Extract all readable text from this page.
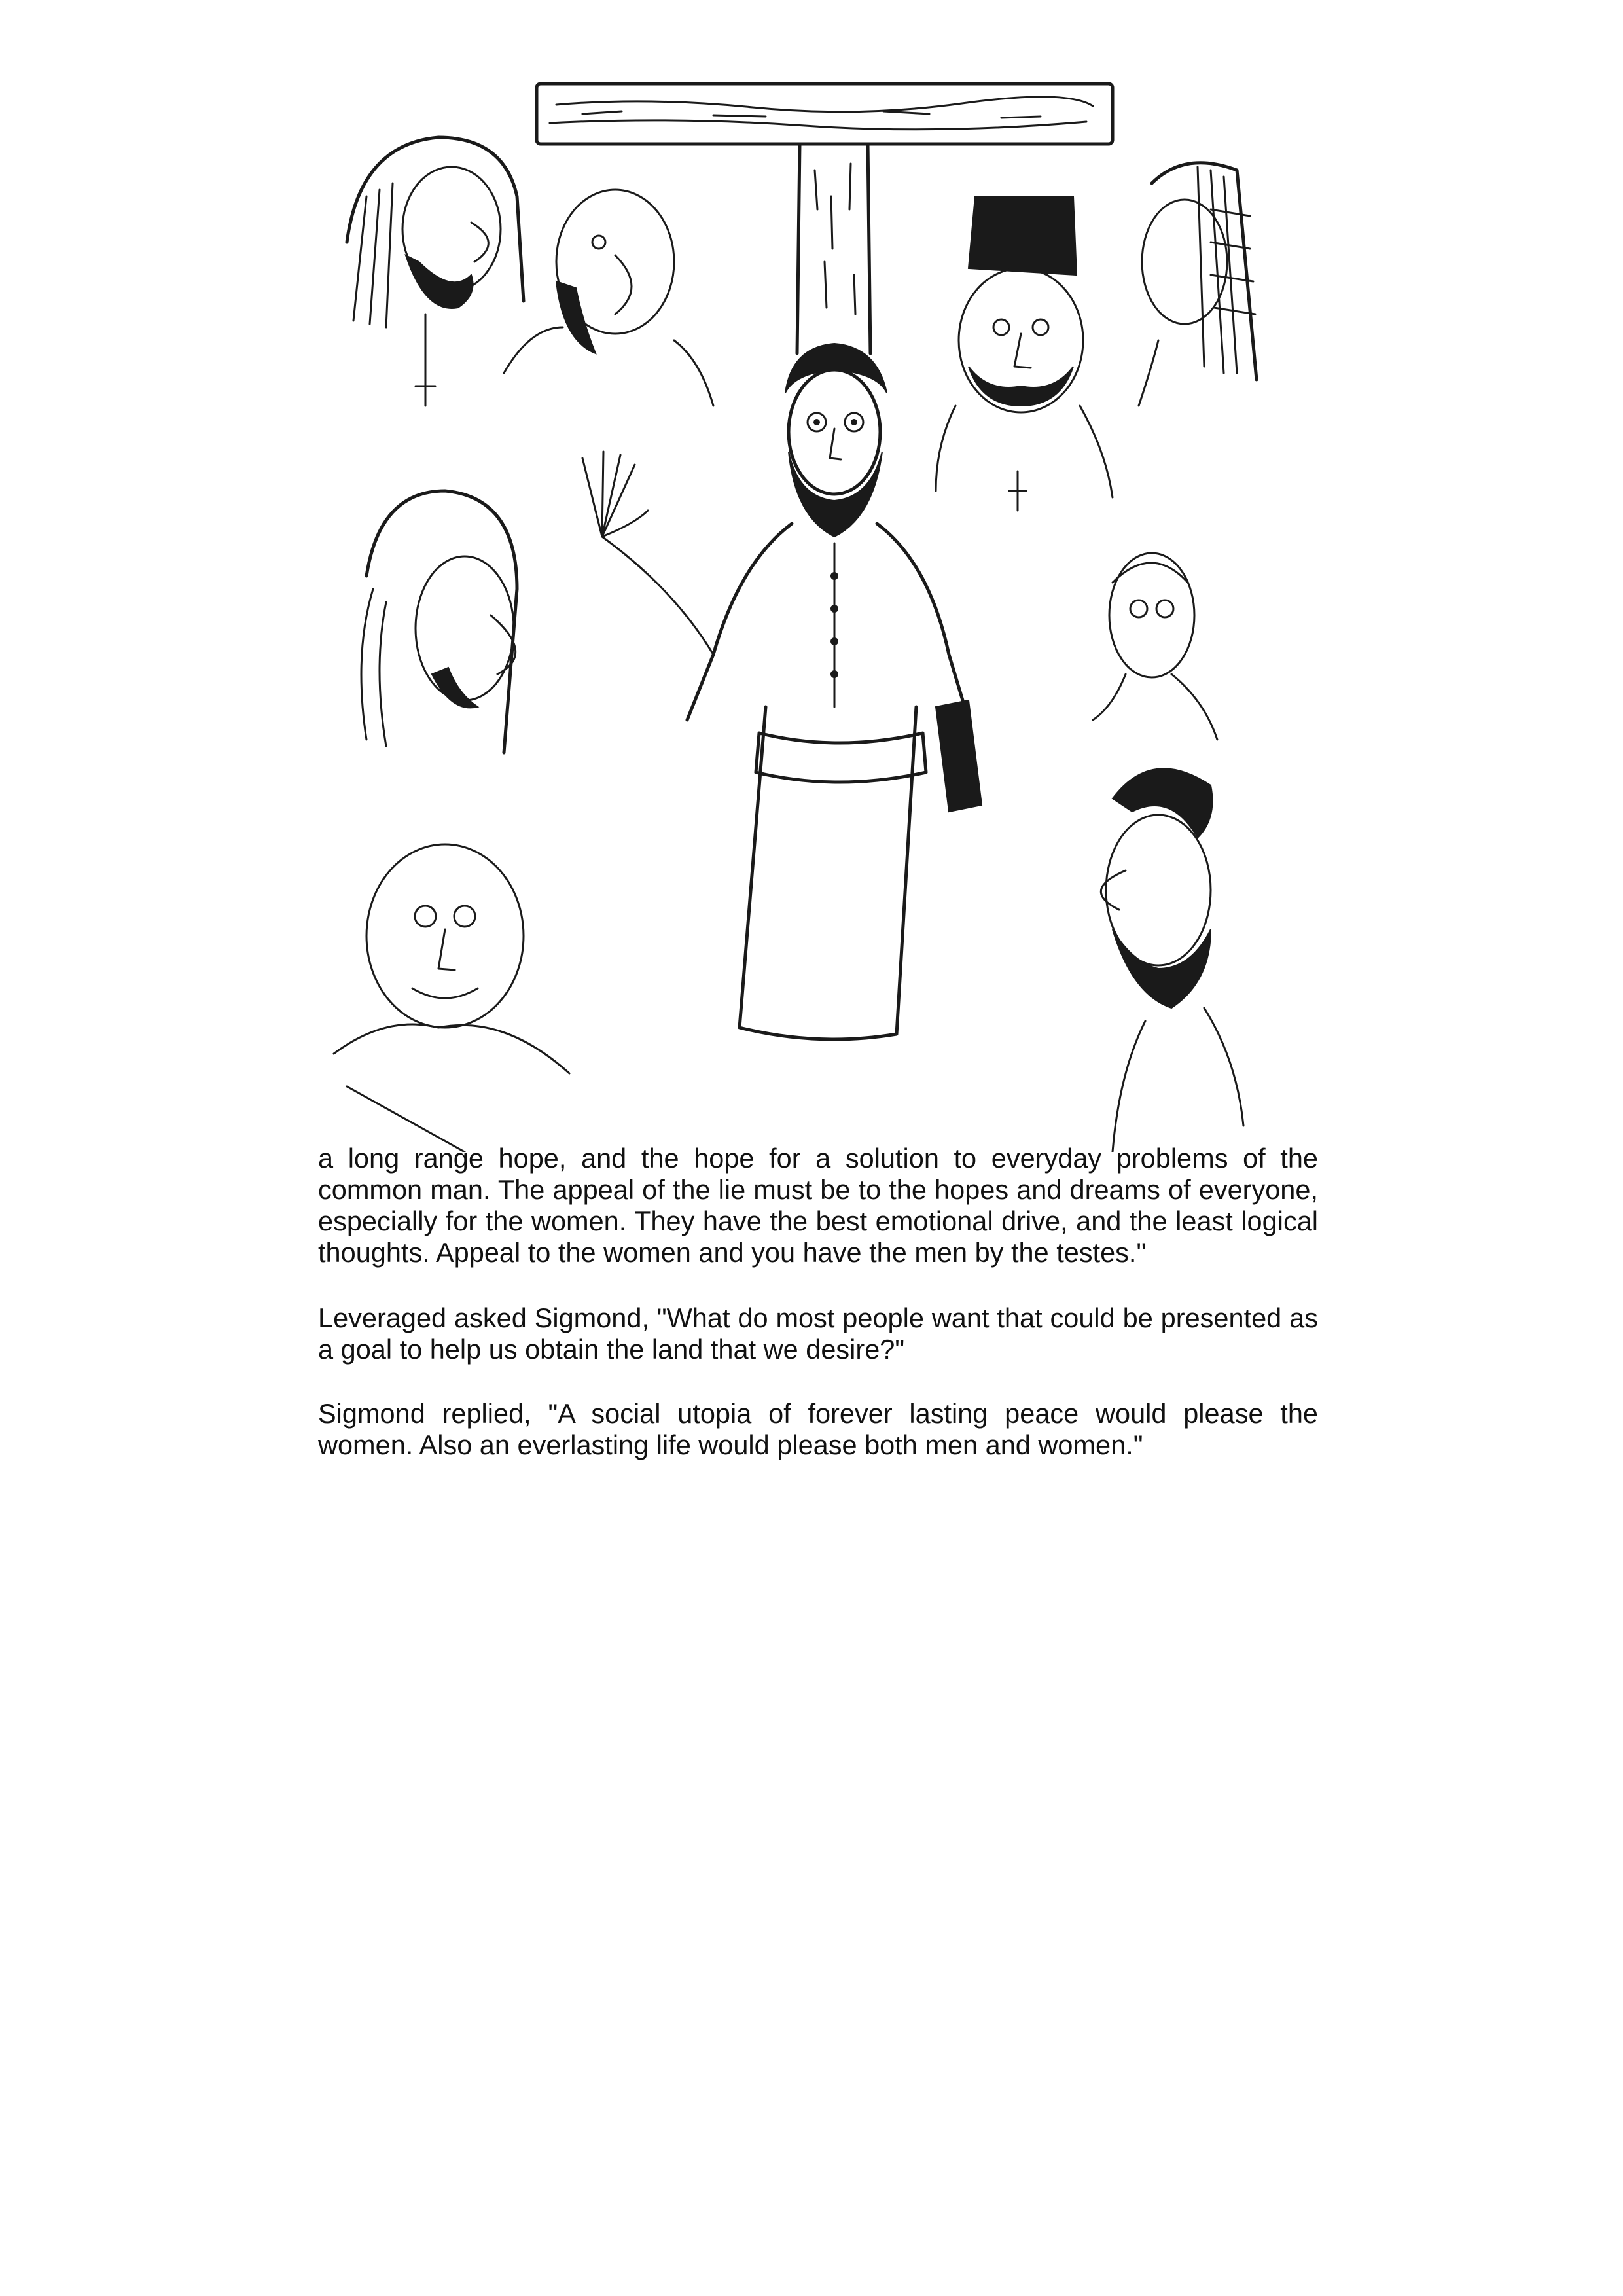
a long range hope, and the hope for a solution to everyday problems of the common man. The appeal of the lie must be to the hopes and dreams of everyone, especially for the women. They have the best emotional drive, and the least logical thoughts. Appeal to the women and you have the men by the testes."

Leveraged asked Sigmond, "What do most people want that could be presented as a goal to help us obtain the land that we desire?"

Sigmond replied, "A social utopia of forever lasting peace would please the women. Also an everlasting life would please both men and women."
